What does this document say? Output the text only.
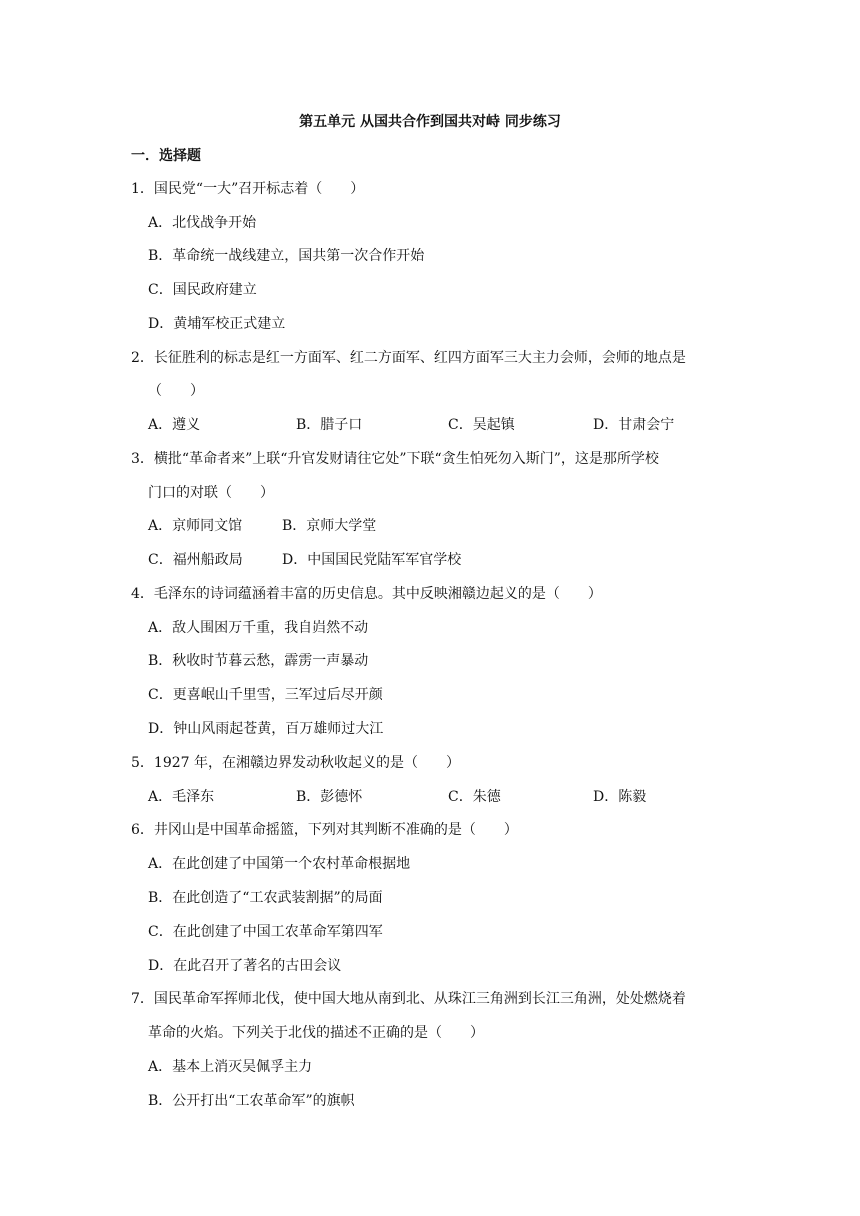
第五单元 从国共合作到国共对峙 同步练习
一．选择题
1．国民党“一大”召开标志着（　　）
A．北伐战争开始
B．革命统一战线建立，国共第一次合作开始
C．国民政府建立
D．黄埔军校正式建立
2．长征胜利的标志是红一方面军、红二方面军、红四方面军三大主力会师，会师的地点是
（　　）
A．遵义	B．腊子口	C．吴起镇	D．甘肃会宁
3．横批“革命者来”上联“升官发财请往它处”下联“贪生怕死勿入斯门”，这是那所学校
门口的对联（　　）
A．京师同文馆	B．京师大学堂
C．福州船政局	D．中国国民党陆军军官学校
4．毛泽东的诗词蕴涵着丰富的历史信息。其中反映湘赣边起义的是（　　）
A．敌人围困万千重，我自岿然不动
B．秋收时节暮云愁，霹雳一声暴动
C．更喜岷山千里雪，三军过后尽开颜
D．钟山风雨起苍黄，百万雄师过大江
5．1927 年，在湘赣边界发动秋收起义的是（　　）
A．毛泽东	B．彭德怀	C．朱德	D．陈毅
6．井冈山是中国革命摇篮，下列对其判断不准确的是（　　）
A．在此创建了中国第一个农村革命根据地
B．在此创造了“工农武装割据”的局面
C．在此创建了中国工农革命军第四军
D．在此召开了著名的古田会议
7．国民革命军挥师北伐，使中国大地从南到北、从珠江三角洲到长江三角洲，处处燃烧着
革命的火焰。下列关于北伐的描述不正确的是（　　）
A．基本上消灭吴佩孚主力
B．公开打出“工农革命军”的旗帜
